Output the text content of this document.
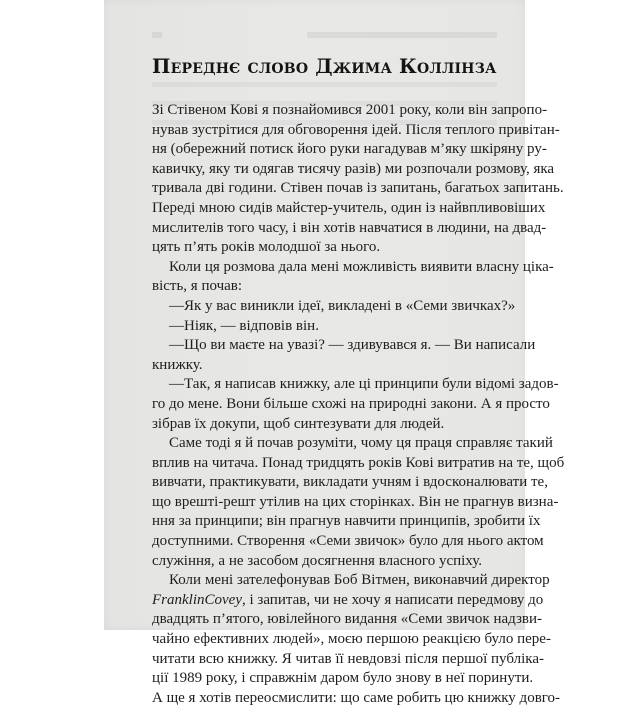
Переднє слово Джима Коллінза
Зі Стівеном Кові я познайомився 2001 року, коли він запропо-
нував зустрітися для обговорення ідей. Після теплого привітан-
ня (обережний потиск його руки нагадував м’яку шкіряну ру-
кавичку, яку ти одягав тисячу разів) ми розпочали розмову, яка
тривала дві години. Стівен почав із запитань, багатьох запитань.
Переді мною сидів майстер-учитель, один із найвпливовіших
мислителів того часу, і він хотів навчатися в людини, на двад-
цять п’ять років молодшої за нього.
Коли ця розмова дала мені можливість виявити власну ціка-
вість, я почав:
—Як у вас виникли ідеї, викладені в «Семи звичках?»
—Ніяк, — відповів він.
—Що ви маєте на увазі? — здивувався я. — Ви написали
книжку.
—Так, я написав книжку, але ці принципи були відомі задов-
го до мене. Вони більше схожі на природні закони. А я просто
зібрав їх докупи, щоб синтезувати для людей.
Саме тоді я й почав розуміти, чому ця праця справляє такий
вплив на читача. Понад тридцять років Кові витратив на те, щоб
вивчати, практикувати, викладати учням і вдосконалювати те,
що врешті-решт утілив на цих сторінках. Він не прагнув визна-
ння за принципи; він прагнув навчити принципів, зробити їх
доступними. Створення «Семи звичок» було для нього актом
служіння, а не засобом досягнення власного успіху.
Коли мені зателефонував Боб Вітмен, виконавчий директор
FranklinCovey, і запитав, чи не хочу я написати передмову до
двадцять п’ятого, ювілейного видання «Семи звичок надзви-
чайно ефективних людей», моєю першою реакцією було пере-
читати всю книжку. Я читав її невдовзі після першої публіка-
ції 1989 року, і справжнім даром було знову в неї поринути.
А ще я хотів переосмислити: що саме робить цю книжку довго-
